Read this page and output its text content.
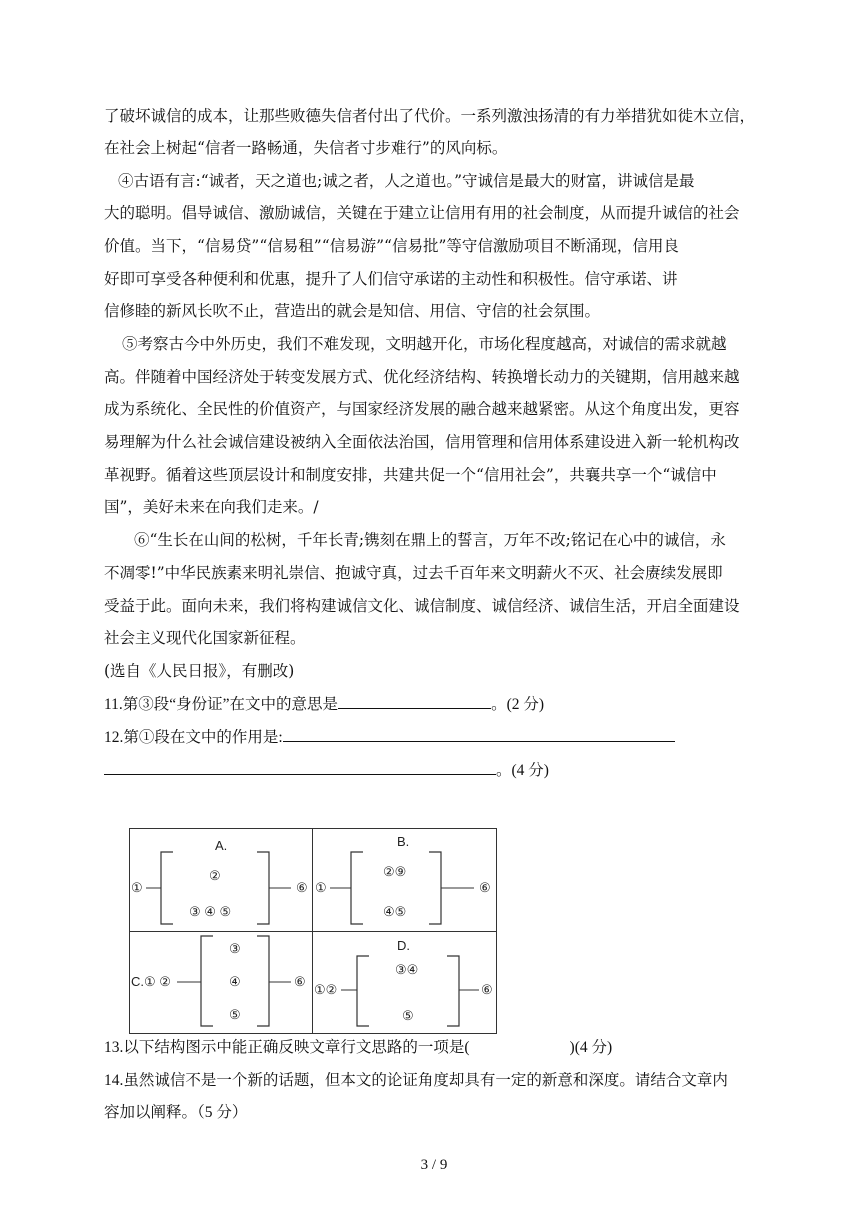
了破坏诚信的成本，让那些败德失信者付出了代价。一系列激浊扬清的有力举措犹如徙木立信，
在社会上树起“信者一路畅通，失信者寸步难行”的风向标。
④古语有言:“诚者，天之道也;诚之者，人之道也。”守诚信是最大的财富，讲诚信是最
大的聪明。倡导诚信、激励诚信，关键在于建立让信用有用的社会制度，从而提升诚信的社会
价值。当下，“信易贷”“信易租”“信易游”“信易批”等守信激励项目不断涌现，信用良
好即可享受各种便利和优惠，提升了人们信守承诺的主动性和积极性。信守承诺、讲
信修睦的新风长吹不止，营造出的就会是知信、用信、守信的社会氛围。
⑤考察古今中外历史，我们不难发现，文明越开化，市场化程度越高，对诚信的需求就越
高。伴随着中国经济处于转变发展方式、优化经济结构、转换增长动力的关键期，信用越来越
成为系统化、全民性的价值资产，与国家经济发展的融合越来越紧密。从这个角度出发，更容
易理解为什么社会诚信建设被纳入全面依法治国，信用管理和信用体系建设进入新一轮机构改
革视野。循着这些顶层设计和制度安排，共建共促一个“信用社会”，共襄共享一个“诚信中
国”，美好未来在向我们走来。/
⑥“生长在山间的松树，千年长青;镌刻在鼎上的誓言，万年不改;铭记在心中的诚信，永
不凋零!”中华民族素来明礼崇信、抱诚守真，过去千百年来文明薪火不灭、社会赓续发展即
受益于此。面向未来，我们将构建诚信文化、诚信制度、诚信经济、诚信生活，开启全面建设
社会主义现代化国家新征程。
(选自《人民日报》，有删改)
11.第③段“身份证”在文中的意思是	。(2 分)
12.第①段在文中的作用是:
。(4 分)
A.
①	⑥
②
③ ④ ⑤
B.
①	⑥
②⑨
④⑤
C.① ②	⑥
③
④
⑤
D.
①②	⑥
③④
⑤
13.以下结构图示中能正确反映文章行文思路的一项是(	)(4 分)
14.虽然诚信不是一个新的话题，但本文的论证角度却具有一定的新意和深度。请结合文章内
容加以阐释。（5 分）
3 / 9
